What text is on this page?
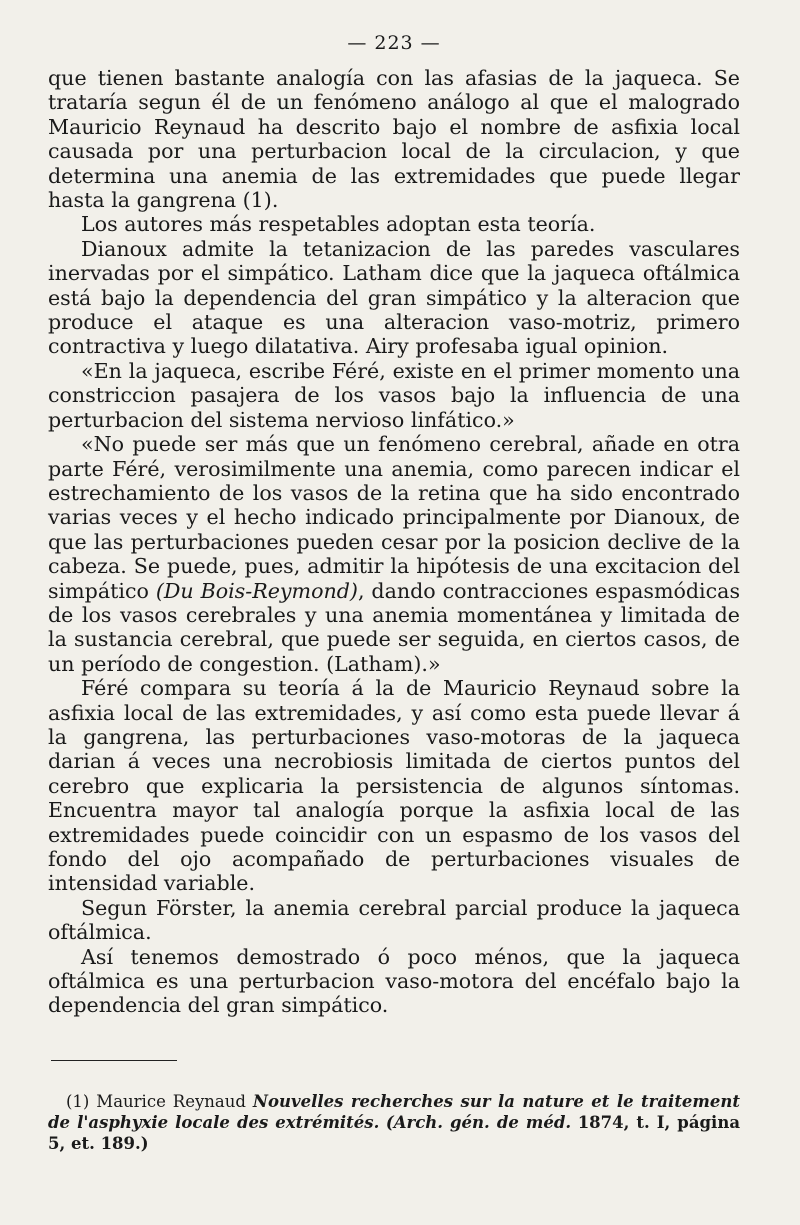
— 223 —

que tienen bastante analogía con las afasias de la jaqueca. Se trataría segun él de un fenómeno análogo al que el malogrado Mauricio Reynaud ha descrito bajo el nombre de asfixia local causada por una perturbacion local de la circulacion, y que determina una anemia de las extremidades que puede llegar hasta la gangrena (1).

Los autores más respetables adoptan esta teoría.

Dianoux admite la tetanizacion de las paredes vasculares inervadas por el simpático. Latham dice que la jaqueca oftálmica está bajo la dependencia del gran simpático y la alteracion que produce el ataque es una alteracion vaso-motriz, primero contractiva y luego dilatativa. Airy profesaba igual opinion.

«En la jaqueca, escribe Féré, existe en el primer momento una constriccion pasajera de los vasos bajo la influencia de una perturbacion del sistema nervioso linfático.»

«No puede ser más que un fenómeno cerebral, añade en otra parte Féré, verosimilmente una anemia, como parecen indicar el estrechamiento de los vasos de la retina que ha sido encontrado varias veces y el hecho indicado principalmente por Dianoux, de que las perturbaciones pueden cesar por la posicion declive de la cabeza. Se puede, pues, admitir la hipótesis de una excitacion del simpático (Du Bois-Reymond), dando contracciones espasmódicas de los vasos cerebrales y una anemia momentánea y limitada de la sustancia cerebral, que puede ser seguida, en ciertos casos, de un período de congestion. (Latham).»

Féré compara su teoría á la de Mauricio Reynaud sobre la asfixia local de las extremidades, y así como esta puede llevar á la gangrena, las perturbaciones vaso-motoras de la jaqueca darian á veces una necrobiosis limitada de ciertos puntos del cerebro que explicaria la persistencia de algunos síntomas. Encuentra mayor tal analogía porque la asfixia local de las extremidades puede coincidir con un espasmo de los vasos del fondo del ojo acompañado de perturbaciones visuales de intensidad variable.

Segun Förster, la anemia cerebral parcial produce la jaqueca oftálmica.

Así tenemos demostrado ó poco ménos, que la jaqueca oftálmica es una perturbacion vaso-motora del encéfalo bajo la dependencia del gran simpático.

(1) Maurice Reynaud Nouvelles recherches sur la nature et le traitement de l'asphyxie locale des extrémités. (Arch. gén. de méd. 1874, t. I, página 5, et. 189.)
